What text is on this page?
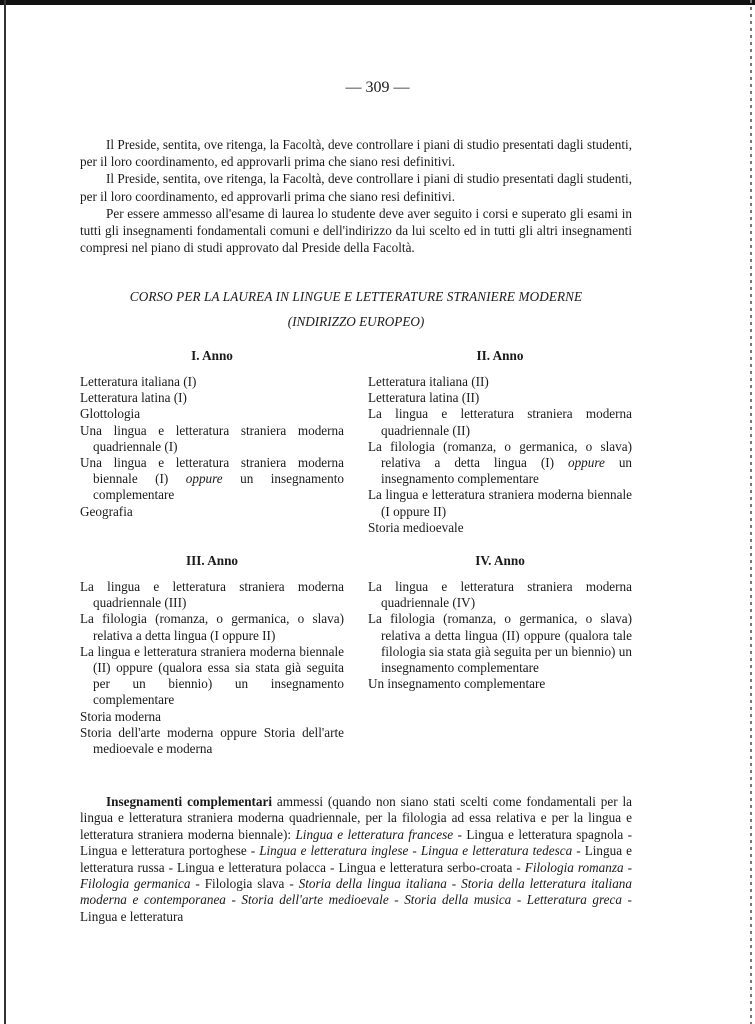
— 309 —

Il Preside, sentita, ove ritenga, la Facoltà, deve controllare i piani di studio presentati dagli studenti, per il loro coordinamento, ed approvarli prima che siano resi definitivi.

Il Preside, sentita, ove ritenga, la Facoltà, deve controllare i piani di studio presentati dagli studenti, per il loro coordinamento, ed approvarli prima che siano resi definitivi.

Per essere ammesso all'esame di laurea lo studente deve aver seguito i corsi e superato gli esami in tutti gli insegnamenti fondamentali comuni e dell'indirizzo da lui scelto ed in tutti gli altri insegnamenti compresi nel piano di studi approvato dal Preside della Facoltà.

CORSO PER LA LAUREA IN LINGUE E LETTERATURE STRANIERE MODERNE
(INDIRIZZO EUROPEO)
I. Anno
Letteratura italiana (I)
Letteratura latina (I)
Glottologia
Una lingua e letteratura straniera moderna quadriennale (I)
Una lingua e letteratura straniera moderna biennale (I) oppure un insegnamento complementare
Geografia
II. Anno
Letteratura italiana (II)
Letteratura latina (II)
La lingua e letteratura straniera moderna quadriennale (II)
La filologia (romanza, o germanica, o slava) relativa a detta lingua (I) oppure un insegnamento complementare
La lingua e letteratura straniera moderna biennale (I oppure II)
Storia medioevale
III. Anno
La lingua e letteratura straniera moderna quadriennale (III)
La filologia (romanza, o germanica, o slava) relativa a detta lingua (I oppure II)
La lingua e letteratura straniera moderna biennale (II) oppure (qualora essa sia stata già seguita per un biennio) un insegnamento complementare
Storia moderna
Storia dell'arte moderna oppure Storia dell'arte medioevale e moderna
IV. Anno
La lingua e letteratura straniera moderna quadriennale (IV)
La filologia (romanza, o germanica, o slava) relativa a detta lingua (II) oppure (qualora tale filologia sia stata già seguita per un biennio) un insegnamento complementare
Un insegnamento complementare
Insegnamenti complementari ammessi (quando non siano stati scelti come fondamentali per la lingua e letteratura straniera moderna quadriennale, per la filologia ad essa relativa e per la lingua e letteratura straniera moderna biennale): Lingua e letteratura francese - Lingua e letteratura spagnola - Lingua e letteratura portoghese - Lingua e letteratura inglese - Lingua e letteratura tedesca - Lingua e letteratura russa - Lingua e letteratura polacca - Lingua e letteratura serbo-croata - Filologia romanza - Filologia germanica - Filologia slava - Storia della lingua italiana - Storia della letteratura italiana moderna e contemporanea - Storia dell'arte medioevale - Storia della musica - Letteratura greca - Lingua e letteratura
